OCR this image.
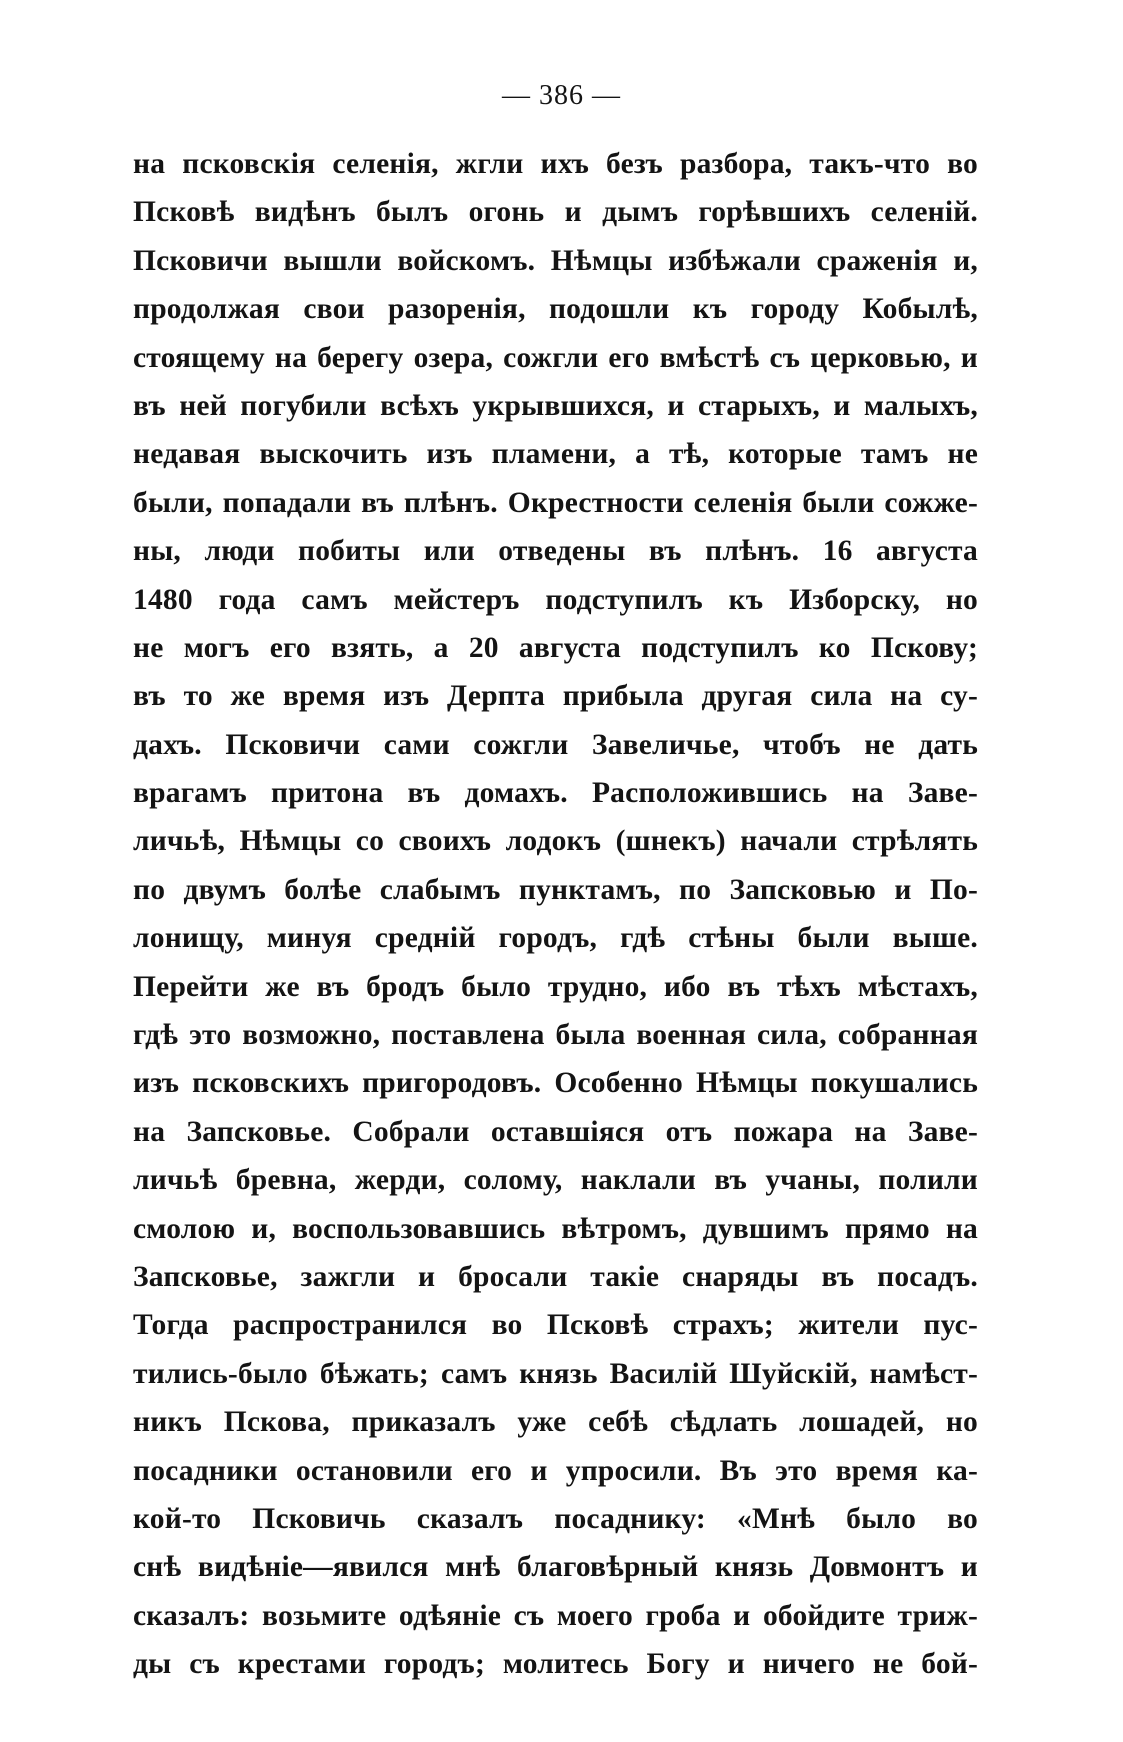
— 386 —
на псковскія селенія, жгли ихъ безъ разбора, такъ-что во
Псковѣ видѣнъ былъ огонь и дымъ горѣвшихъ селеній.
Псковичи вышли войскомъ. Нѣмцы избѣжали сраженія и,
продолжая свои разоренія, подошли къ городу Кобылѣ,
стоящему на берегу озера, сожгли его вмѣстѣ съ церковью, и
въ ней погубили всѣхъ укрывшихся, и старыхъ, и малыхъ,
недавая выскочить изъ пламени, а тѣ, которые тамъ не
были, попадали въ плѣнъ. Окрестности селенія были сожже-
ны, люди побиты или отведены въ плѣнъ. 16 августа
1480 года самъ мейстеръ подступилъ къ Изборску, но
не могъ его взять, а 20 августа подступилъ ко Пскову;
въ то же время изъ Дерпта прибыла другая сила на су-
дахъ. Псковичи сами сожгли Завеличье, чтобъ не дать
врагамъ притона въ домахъ. Расположившись на Заве-
личьѣ, Нѣмцы со своихъ лодокъ (шнекъ) начали стрѣлять
по двумъ болѣе слабымъ пунктамъ, по Запсковью и По-
лонищу, минуя средній городъ, гдѣ стѣны были выше.
Перейти же въ бродъ было трудно, ибо въ тѣхъ мѣстахъ,
гдѣ это возможно, поставлена была военная сила, собранная
изъ псковскихъ пригородовъ. Особенно Нѣмцы покушались
на Запсковье. Собрали оставшіяся отъ пожара на Заве-
личьѣ бревна, жерди, солому, наклали въ учаны, полили
смолою и, воспользовавшись вѣтромъ, дувшимъ прямо на
Запсковье, зажгли и бросали такіе снаряды въ посадъ.
Тогда распространился во Псковѣ страхъ; жители пус-
тились-было бѣжать; самъ князь Василій Шуйскій, намѣст-
никъ Пскова, приказалъ уже себѣ сѣдлать лошадей, но
посадники остановили его и упросили. Въ это время ка-
кой-то Псковичь сказалъ посаднику: «Мнѣ было во
снѣ видѣніе—явился мнѣ благовѣрный князь Довмонтъ и
сказалъ: возьмите одѣяніе съ моего гроба и обойдите триж-
ды съ крестами городъ; молитесь Богу и ничего не бой-
